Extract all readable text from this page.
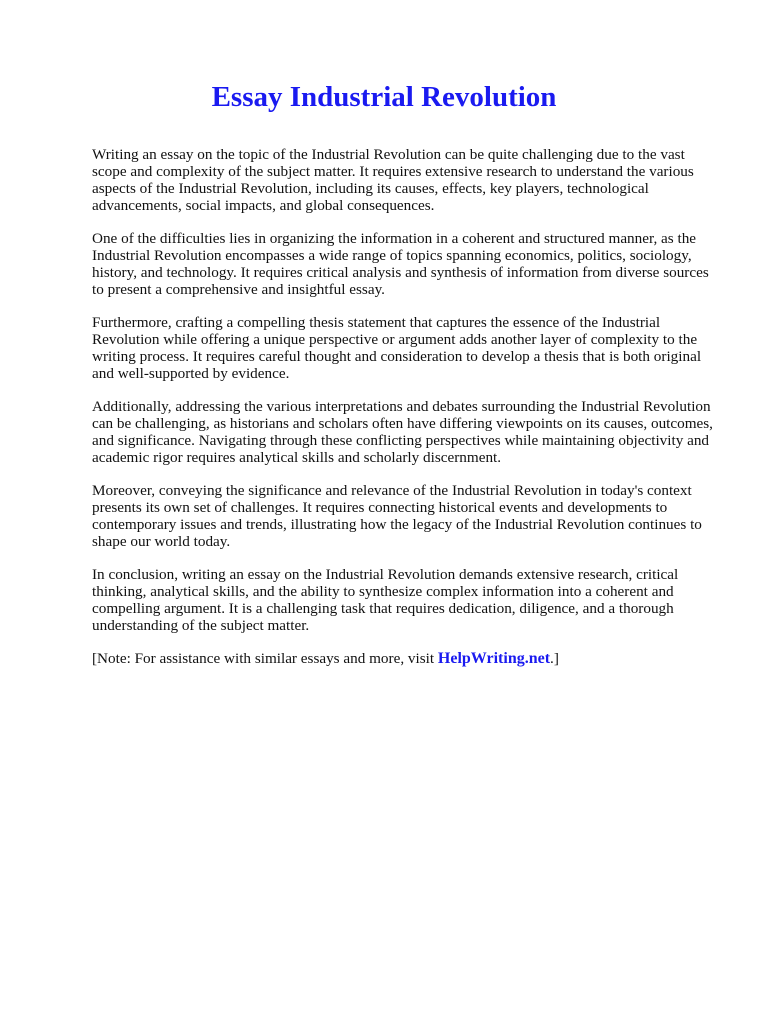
Essay Industrial Revolution

Writing an essay on the topic of the Industrial Revolution can be quite challenging due to the vast scope and complexity of the subject matter. It requires extensive research to understand the various aspects of the Industrial Revolution, including its causes, effects, key players, technological advancements, social impacts, and global consequences.

One of the difficulties lies in organizing the information in a coherent and structured manner, as the Industrial Revolution encompasses a wide range of topics spanning economics, politics, sociology, history, and technology. It requires critical analysis and synthesis of information from diverse sources to present a comprehensive and insightful essay.

Furthermore, crafting a compelling thesis statement that captures the essence of the Industrial Revolution while offering a unique perspective or argument adds another layer of complexity to the writing process. It requires careful thought and consideration to develop a thesis that is both original and well-supported by evidence.

Additionally, addressing the various interpretations and debates surrounding the Industrial Revolution can be challenging, as historians and scholars often have differing viewpoints on its causes, outcomes, and significance. Navigating through these conflicting perspectives while maintaining objectivity and academic rigor requires analytical skills and scholarly discernment.

Moreover, conveying the significance and relevance of the Industrial Revolution in today's context presents its own set of challenges. It requires connecting historical events and developments to contemporary issues and trends, illustrating how the legacy of the Industrial Revolution continues to shape our world today.

In conclusion, writing an essay on the Industrial Revolution demands extensive research, critical thinking, analytical skills, and the ability to synthesize complex information into a coherent and compelling argument. It is a challenging task that requires dedication, diligence, and a thorough understanding of the subject matter.

[Note: For assistance with similar essays and more, visit HelpWriting.net.]
